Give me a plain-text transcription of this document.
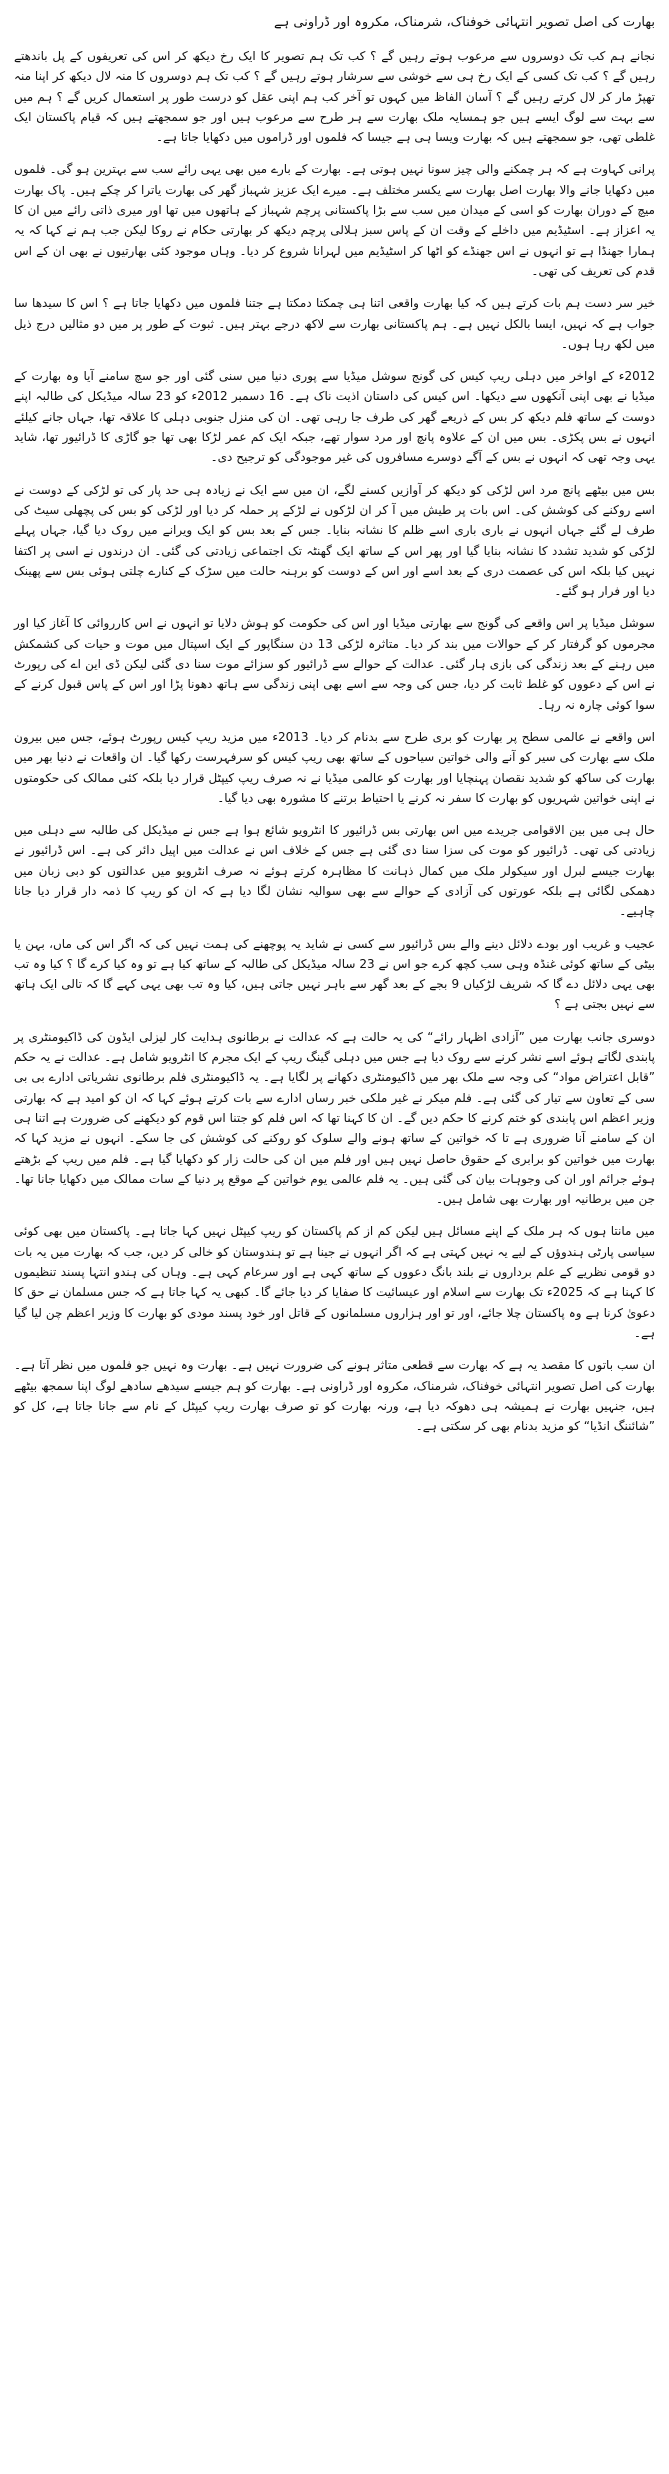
بھارت کی اصل تصویر انتہائی خوفناک، شرمناک، مکروہ اور ڈراونی ہے

نجانے ہم کب تک دوسروں سے مرعوب ہوتے رہیں گے ؟ کب تک ہم تصویر کا ایک رخ دیکھ کر اس کی تعریفوں کے پل باندھتے رہیں گے ؟ کب تک کسی کے ایک رخ ہی سے خوشی سے سرشار ہوتے رہیں گے ؟ کب تک ہم دوسروں کا منہ لال دیکھ کر اپنا منہ تھپڑ مار کر لال کرتے رہیں گے ؟ آسان الفاظ میں کہوں تو آخر کب ہم اپنی عقل کو درست طور پر استعمال کریں گے ؟ ہم میں سے بہت سے لوگ ایسے ہیں جو ہمسایہ ملک بھارت سے ہر طرح سے مرعوب ہیں اور جو سمجھتے ہیں کہ قیام پاکستان ایک غلطی تھی، جو سمجھتے ہیں کہ بھارت ویسا ہی ہے جیسا کہ فلموں اور ڈراموں میں دکھایا جاتا ہے۔

پرانی کہاوت ہے کہ ہر چمکنے والی چیز سونا نہیں ہوتی ہے۔ بھارت کے بارے میں بھی یہی رائے سب سے بہترین ہو گی۔ فلموں میں دکھایا جانے والا بھارت اصل بھارت سے یکسر مختلف ہے۔ میرے ایک عزیز شہباز گھر کی بھارت یاترا کر چکے ہیں۔ پاک بھارت میچ کے دوران بھارت کو اسی کے میدان میں سب سے بڑا پاکستانی پرچم شہباز کے ہاتھوں میں تھا اور میری ذاتی رائے میں ان کا یہ اعزاز ہے۔ اسٹیڈیم میں داخلے کے وقت ان کے پاس سبز ہلالی پرچم دیکھ کر بھارتی حکام نے روکا لیکن جب ہم نے کہا کہ یہ ہمارا جھنڈا ہے تو انہوں نے اس جھنڈے کو اٹھا کر اسٹیڈیم میں لہرانا شروع کر دیا۔ وہاں موجود کئی بھارتیوں نے بھی ان کے اس قدم کی تعریف کی تھی۔

خیر سر دست ہم بات کرتے ہیں کہ کیا بھارت واقعی اتنا ہی چمکتا دمکتا ہے جتنا فلموں میں دکھایا جاتا ہے ؟ اس کا سیدھا سا جواب ہے کہ نہیں، ایسا بالکل نہیں ہے۔ ہم پاکستانی بھارت سے لاکھ درجے بہتر ہیں۔ ثبوت کے طور پر میں دو مثالیں درج ذیل میں لکھ رہا ہوں۔

2012ء کے اواخر میں دہلی ریپ کیس کی گونج سوشل میڈیا سے پوری دنیا میں سنی گئی اور جو سچ سامنے آیا وہ بھارت کے میڈیا نے بھی اپنی آنکھوں سے دیکھا۔ اس کیس کی داستان اذیت ناک ہے۔ 16 دسمبر 2012ء کو 23 سالہ میڈیکل کی طالبہ اپنے دوست کے ساتھ فلم دیکھ کر بس کے ذریعے گھر کی طرف جا رہی تھی۔ ان کی منزل جنوبی دہلی کا علاقہ تھا، جہاں جانے کیلئے انہوں نے بس پکڑی۔ بس میں ان کے علاوہ پانچ اور مرد سوار تھے، جبکہ ایک کم عمر لڑکا بھی تھا جو گاڑی کا ڈرائیور تھا، شاید یہی وجہ تھی کہ انہوں نے بس کے آگے دوسرے مسافروں کی غیر موجودگی کو ترجیح دی۔

بس میں بیٹھے پانچ مرد اس لڑکی کو دیکھ کر آوازیں کسنے لگے، ان میں سے ایک نے زیادہ ہی حد پار کی تو لڑکی کے دوست نے اسے روکنے کی کوشش کی۔ اس بات پر طیش میں آ کر ان لڑکوں نے لڑکے پر حملہ کر دیا اور لڑکی کو بس کی پچھلی سیٹ کی طرف لے گئے جہاں انہوں نے باری باری اسے ظلم کا نشانہ بنایا۔ جس کے بعد بس کو ایک ویرانے میں روک دیا گیا، جہاں پہلے لڑکی کو شدید تشدد کا نشانہ بنایا گیا اور پھر اس کے ساتھ ایک گھنٹہ تک اجتماعی زیادتی کی گئی۔ ان درندوں نے اسی پر اکتفا نہیں کیا بلکہ اس کی عصمت دری کے بعد اسے اور اس کے دوست کو برہنہ حالت میں سڑک کے کنارے چلتی ہوئی بس سے پھینک دیا اور فرار ہو گئے۔

سوشل میڈیا پر اس واقعے کی گونج سے بھارتی میڈیا اور اس کی حکومت کو ہوش دلایا تو انہوں نے اس کارروائی کا آغاز کیا اور مجرموں کو گرفتار کر کے حوالات میں بند کر دیا۔ متاثرہ لڑکی 13 دن سنگاپور کے ایک اسپتال میں موت و حیات کی کشمکش میں رہنے کے بعد زندگی کی بازی ہار گئی۔ عدالت کے حوالے سے ڈرائیور کو سزائے موت سنا دی گئی لیکن ڈی این اے کی رپورٹ نے اس کے دعووں کو غلط ثابت کر دیا، جس کی وجہ سے اسے بھی اپنی زندگی سے ہاتھ دھونا پڑا اور اس کے پاس قبول کرنے کے سوا کوئی چارہ نہ رہا۔

اس واقعے نے عالمی سطح پر بھارت کو بری طرح سے بدنام کر دیا۔ 2013ء میں مزید ریپ کیس رپورٹ ہوئے، جس میں بیرون ملک سے بھارت کی سیر کو آنے والی خواتین سیاحوں کے ساتھ بھی ریپ کیس کو سرفہرست رکھا گیا۔ ان واقعات نے دنیا بھر میں بھارت کی ساکھ کو شدید نقصان پہنچایا اور بھارت کو عالمی میڈیا نے نہ صرف ریپ کیپٹل قرار دیا بلکہ کئی ممالک کی حکومتوں نے اپنی خواتین شہریوں کو بھارت کا سفر نہ کرنے یا احتیاط برتنے کا مشورہ بھی دیا گیا۔

حال ہی میں بین الاقوامی جریدے میں اس بھارتی بس ڈرائیور کا انٹرویو شائع ہوا ہے جس نے میڈیکل کی طالبہ سے دہلی میں زیادتی کی تھی۔ ڈرائیور کو موت کی سزا سنا دی گئی ہے جس کے خلاف اس نے عدالت میں اپیل دائر کی ہے۔ اس ڈرائیور نے بھارت جیسے لبرل اور سیکولر ملک میں کمال ذہانت کا مظاہرہ کرتے ہوئے نہ صرف انٹرویو میں عدالتوں کو دبی زبان میں دھمکی لگائی ہے بلکہ عورتوں کی آزادی کے حوالے سے بھی سوالیہ نشان لگا دیا ہے کہ ان کو ریپ کا ذمہ دار قرار دیا جانا چاہیے۔

عجیب و غریب اور بودے دلائل دینے والے بس ڈرائیور سے کسی نے شاید یہ پوچھنے کی ہمت نہیں کی کہ اگر اس کی ماں، بہن یا بیٹی کے ساتھ کوئی غنڈہ وہی سب کچھ کرے جو اس نے 23 سالہ میڈیکل کی طالبہ کے ساتھ کیا ہے تو وہ کیا کرے گا ؟ کیا وہ تب بھی یہی دلائل دے گا کہ شریف لڑکیاں 9 بجے کے بعد گھر سے باہر نہیں جاتی ہیں، کیا وہ تب بھی یہی کہے گا کہ تالی ایک ہاتھ سے نہیں بجتی ہے ؟

دوسری جانب بھارت میں ”آزادی اظہار رائے“ کی یہ حالت ہے کہ عدالت نے برطانوی ہدایت کار لیزلی ایڈون کی ڈاکیومنٹری پر پابندی لگاتے ہوئے اسے نشر کرنے سے روک دیا ہے جس میں دہلی گینگ ریپ کے ایک مجرم کا انٹرویو شامل ہے۔ عدالت نے یہ حکم ”قابل اعتراض مواد“ کی وجہ سے ملک بھر میں ڈاکیومنٹری دکھانے پر لگایا ہے۔ یہ ڈاکیومنٹری فلم برطانوی نشریاتی ادارے بی بی سی کے تعاون سے تیار کی گئی ہے۔ فلم میکر نے غیر ملکی خبر رساں ادارے سے بات کرتے ہوئے کہا کہ ان کو امید ہے کہ بھارتی وزیر اعظم اس پابندی کو ختم کرنے کا حکم دیں گے۔ ان کا کہنا تھا کہ اس فلم کو جتنا اس قوم کو دیکھنے کی ضرورت ہے اتنا ہی ان کے سامنے آنا ضروری ہے تا کہ خواتین کے ساتھ ہونے والے سلوک کو روکنے کی کوشش کی جا سکے۔ انہوں نے مزید کہا کہ بھارت میں خواتین کو برابری کے حقوق حاصل نہیں ہیں اور فلم میں ان کی حالت زار کو دکھایا گیا ہے۔ فلم میں ریپ کے بڑھتے ہوئے جرائم اور ان کی وجوہات بیان کی گئی ہیں۔ یہ فلم عالمی یوم خواتین کے موقع پر دنیا کے سات ممالک میں دکھایا جانا تھا۔ جن میں برطانیہ اور بھارت بھی شامل ہیں۔

میں مانتا ہوں کہ ہر ملک کے اپنے مسائل ہیں لیکن کم از کم پاکستان کو ریپ کیپٹل نہیں کہا جاتا ہے۔ پاکستان میں بھی کوئی سیاسی پارٹی ہندوؤں کے لیے یہ نہیں کہتی ہے کہ اگر انہوں نے جینا ہے تو ہندوستان کو خالی کر دیں، جب کہ بھارت میں یہ بات دو قومی نظریے کے علم برداروں نے بلند بانگ دعووں کے ساتھ کہی ہے اور سرعام کہی ہے۔ وہاں کی ہندو انتہا پسند تنظیموں کا کہنا ہے کہ 2025ء تک بھارت سے اسلام اور عیسائیت کا صفایا کر دیا جائے گا۔ کبھی یہ کہا جاتا ہے کہ جس مسلمان نے حق کا دعویٰ کرنا ہے وہ پاکستان چلا جائے، اور تو اور ہزاروں مسلمانوں کے قاتل اور خود پسند مودی کو بھارت کا وزیر اعظم چن لیا گیا ہے۔

ان سب باتوں کا مقصد یہ ہے کہ بھارت سے قطعی متاثر ہونے کی ضرورت نہیں ہے۔ بھارت وہ نہیں جو فلموں میں نظر آتا ہے۔ بھارت کی اصل تصویر انتہائی خوفناک، شرمناک، مکروہ اور ڈراونی ہے۔ بھارت کو ہم جیسے سیدھے سادھے لوگ اپنا سمجھ بیٹھے ہیں، جنہیں بھارت نے ہمیشہ ہی دھوکہ دیا ہے، ورنہ بھارت کو تو صرف بھارت ریپ کیپٹل کے نام سے جانا جاتا ہے، کل کو ”شائننگ انڈیا“ کو مزید بدنام بھی کر سکتی ہے۔
